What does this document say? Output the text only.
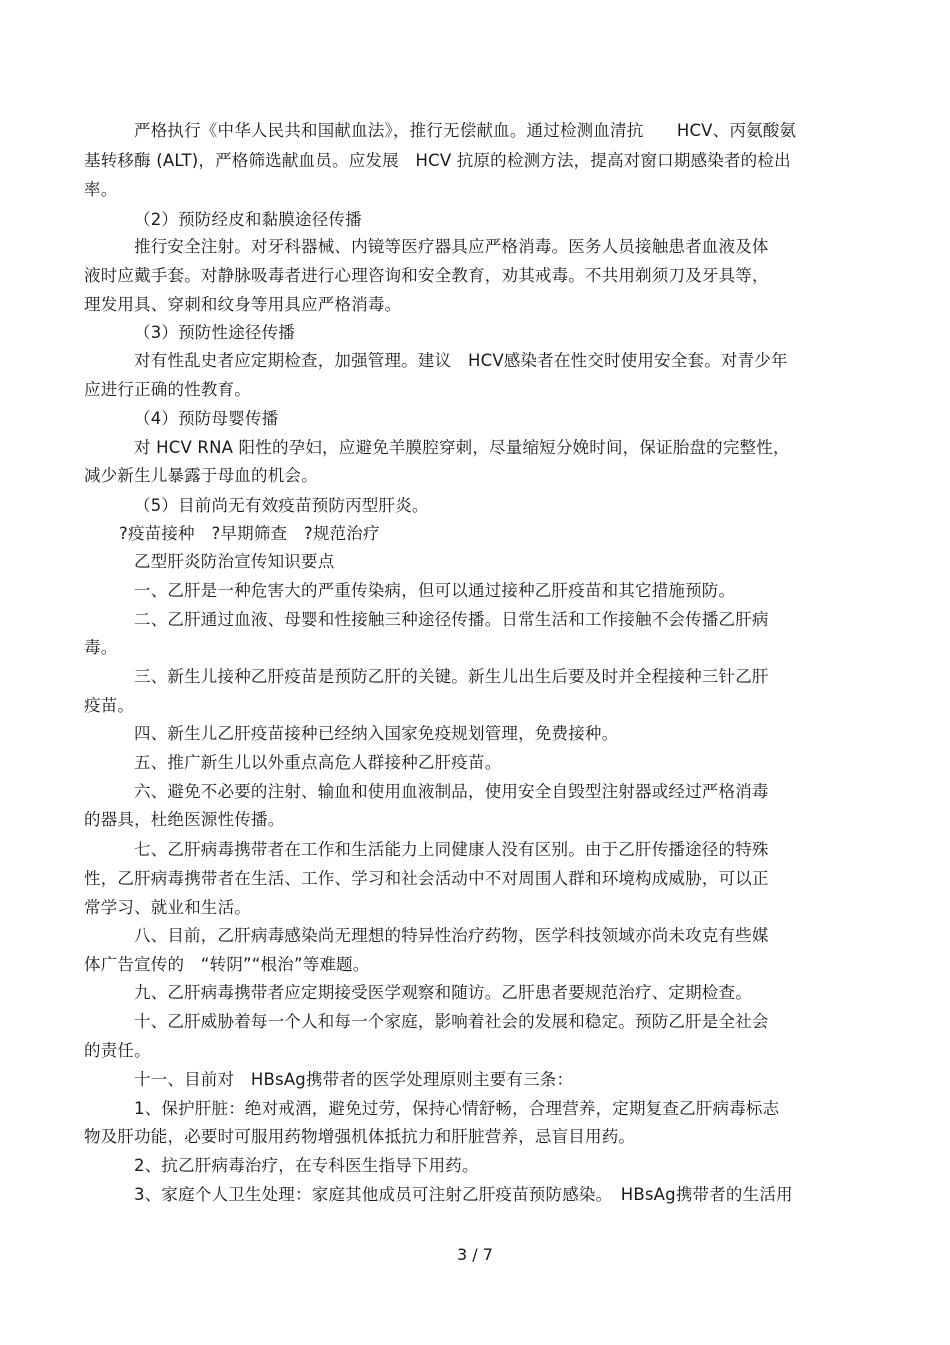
严格执行《中华人民共和国献血法》，推行无偿献血。通过检测血清抗　　HCV、丙氨酸氨
基转移酶 (ALT)，严格筛选献血员。应发展　HCV 抗原的检测方法，提高对窗口期感染者的检出
率。
（2）预防经皮和黏膜途径传播
推行安全注射。对牙科器械、内镜等医疗器具应严格消毒。医务人员接触患者血液及体
液时应戴手套。对静脉吸毒者进行心理咨询和安全教育，劝其戒毒。不共用剃须刀及牙具等，
理发用具、穿刺和纹身等用具应严格消毒。
（3）预防性途径传播
对有性乱史者应定期检查，加强管理。建议　HCV感染者在性交时使用安全套。对青少年
应进行正确的性教育。
（4）预防母婴传播
对 HCV RNA 阳性的孕妇，应避免羊膜腔穿刺，尽量缩短分娩时间，保证胎盘的完整性，
减少新生儿暴露于母血的机会。
（5）目前尚无有效疫苗预防丙型肝炎。
?疫苗接种　?早期筛查　?规范治疗
乙型肝炎防治宣传知识要点
一、乙肝是一种危害大的严重传染病，但可以通过接种乙肝疫苗和其它措施预防。
二、乙肝通过血液、母婴和性接触三种途径传播。日常生活和工作接触不会传播乙肝病
毒。
三、新生儿接种乙肝疫苗是预防乙肝的关键。新生儿出生后要及时并全程接种三针乙肝
疫苗。
四、新生儿乙肝疫苗接种已经纳入国家免疫规划管理，免费接种。
五、推广新生儿以外重点高危人群接种乙肝疫苗。
六、避免不必要的注射、输血和使用血液制品，使用安全自毁型注射器或经过严格消毒
的器具，杜绝医源性传播。
七、乙肝病毒携带者在工作和生活能力上同健康人没有区别。由于乙肝传播途径的特殊
性，乙肝病毒携带者在生活、工作、学习和社会活动中不对周围人群和环境构成威胁，可以正
常学习、就业和生活。
八、目前，乙肝病毒感染尚无理想的特异性治疗药物，医学科技领域亦尚未攻克有些媒
体广告宣传的　“转阴”“根治”等难题。
九、乙肝病毒携带者应定期接受医学观察和随访。乙肝患者要规范治疗、定期检查。
十、乙肝威胁着每一个人和每一个家庭，影响着社会的发展和稳定。预防乙肝是全社会
的责任。
十一、目前对　HBsAg携带者的医学处理原则主要有三条：
1、保护肝脏：绝对戒酒，避免过劳，保持心情舒畅，合理营养，定期复查乙肝病毒标志
物及肝功能，必要时可服用药物增强机体抵抗力和肝脏营养，忌盲目用药。
2、抗乙肝病毒治疗，在专科医生指导下用药。
3、家庭个人卫生处理：家庭其他成员可注射乙肝疫苗预防感染。　HBsAg携带者的生活用
3 / 7
